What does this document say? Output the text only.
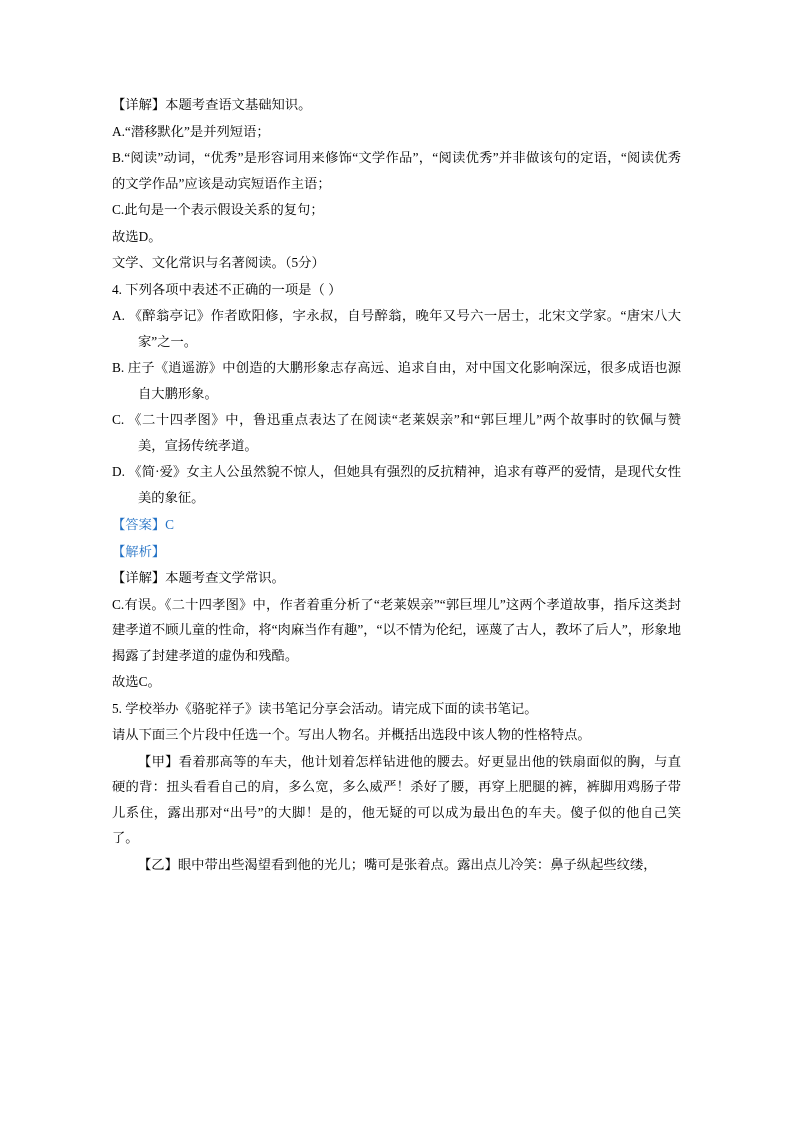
【详解】本题考查语文基础知识。

A.“潜移默化”是并列短语；

B.“阅读”动词，“优秀”是形容词用来修饰“文学作品”，“阅读优秀”并非做该句的定语，“阅读优秀的文学作品”应该是动宾短语作主语；

C.此句是一个表示假设关系的复句；

故选D。

文学、文化常识与名著阅读。（5分）

4. 下列各项中表述不正确的一项是（ ）

A. 《醉翁亭记》作者欧阳修，字永叔，自号醉翁，晚年又号六一居士，北宋文学家。“唐宋八大家”之一。

B. 庄子《逍遥游》中创造的大鹏形象志存高远、追求自由，对中国文化影响深远，很多成语也源自大鹏形象。

C. 《二十四孝图》中，鲁迅重点表达了在阅读“老莱娱亲”和“郭巨埋儿”两个故事时的钦佩与赞美，宣扬传统孝道。

D. 《简·爱》女主人公虽然貌不惊人，但她具有强烈的反抗精神，追求有尊严的爱情，是现代女性美的象征。

【答案】C

【解析】

【详解】本题考查文学常识。

C.有误。《二十四孝图》中，作者着重分析了“老莱娱亲”“郭巨埋儿”这两个孝道故事，指斥这类封建孝道不顾儿童的性命，将“肉麻当作有趣”，“以不情为伦纪，诬蔑了古人，教坏了后人”，形象地揭露了封建孝道的虚伪和残酷。

故选C。

5. 学校举办《骆驼祥子》读书笔记分享会活动。请完成下面的读书笔记。

请从下面三个片段中任选一个。写出人物名。并概括出选段中该人物的性格特点。

【甲】看着那高等的车夫，他计划着怎样钻进他的腰去。好更显出他的铁扇面似的胸，与直硬的背：扭头看看自己的肩，多么宽，多么威严！杀好了腰，再穿上肥腿的裤，裤脚用鸡肠子带儿系住，露出那对“出号”的大脚！是的，他无疑的可以成为最出色的车夫。傻子似的他自己笑了。

【乙】眼中带出些渴望看到他的光儿；嘴可是张着点。露出点儿冷笑：鼻子纵起些纹缕，
